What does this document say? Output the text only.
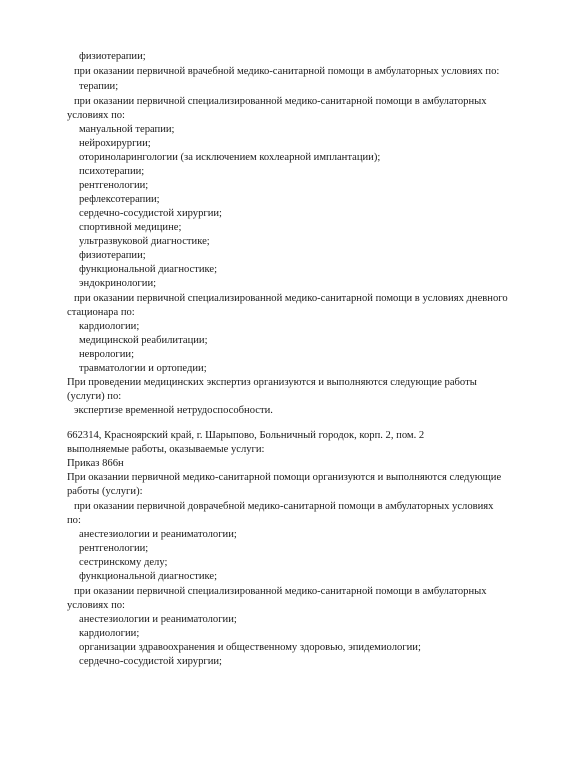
физиотерапии;
при оказании первичной врачебной медико-санитарной помощи в амбулаторных условиях по:
терапии;
при оказании первичной специализированной медико-санитарной помощи в амбулаторных
условиях по:
мануальной терапии;
нейрохирургии;
оториноларингологии (за исключением кохлеарной имплантации);
психотерапии;
рентгенологии;
рефлексотерапии;
сердечно-сосудистой хирургии;
спортивной медицине;
ультразвуковой диагностике;
физиотерапии;
функциональной диагностике;
эндокринологии;
при оказании первичной специализированной медико-санитарной помощи в условиях дневного
стационара по:
кардиологии;
медицинской реабилитации;
неврологии;
травматологии и ортопедии;
При проведении медицинских экспертиз организуются и выполняются следующие работы
(услуги) по:
экспертизе временной нетрудоспособности.
662314, Красноярский край, г. Шарыпово, Больничный городок, корп. 2, пом. 2
выполняемые работы, оказываемые услуги:
Приказ 866н
При оказании первичной медико-санитарной помощи организуются и выполняются следующие
работы (услуги):
при оказании первичной доврачебной медико-санитарной помощи в амбулаторных условиях
по:
анестезиологии и реаниматологии;
рентгенологии;
сестринскому делу;
функциональной диагностике;
при оказании первичной специализированной медико-санитарной помощи в амбулаторных
условиях по:
анестезиологии и реаниматологии;
кардиологии;
организации здравоохранения и общественному здоровью, эпидемиологии;
сердечно-сосудистой хирургии;
